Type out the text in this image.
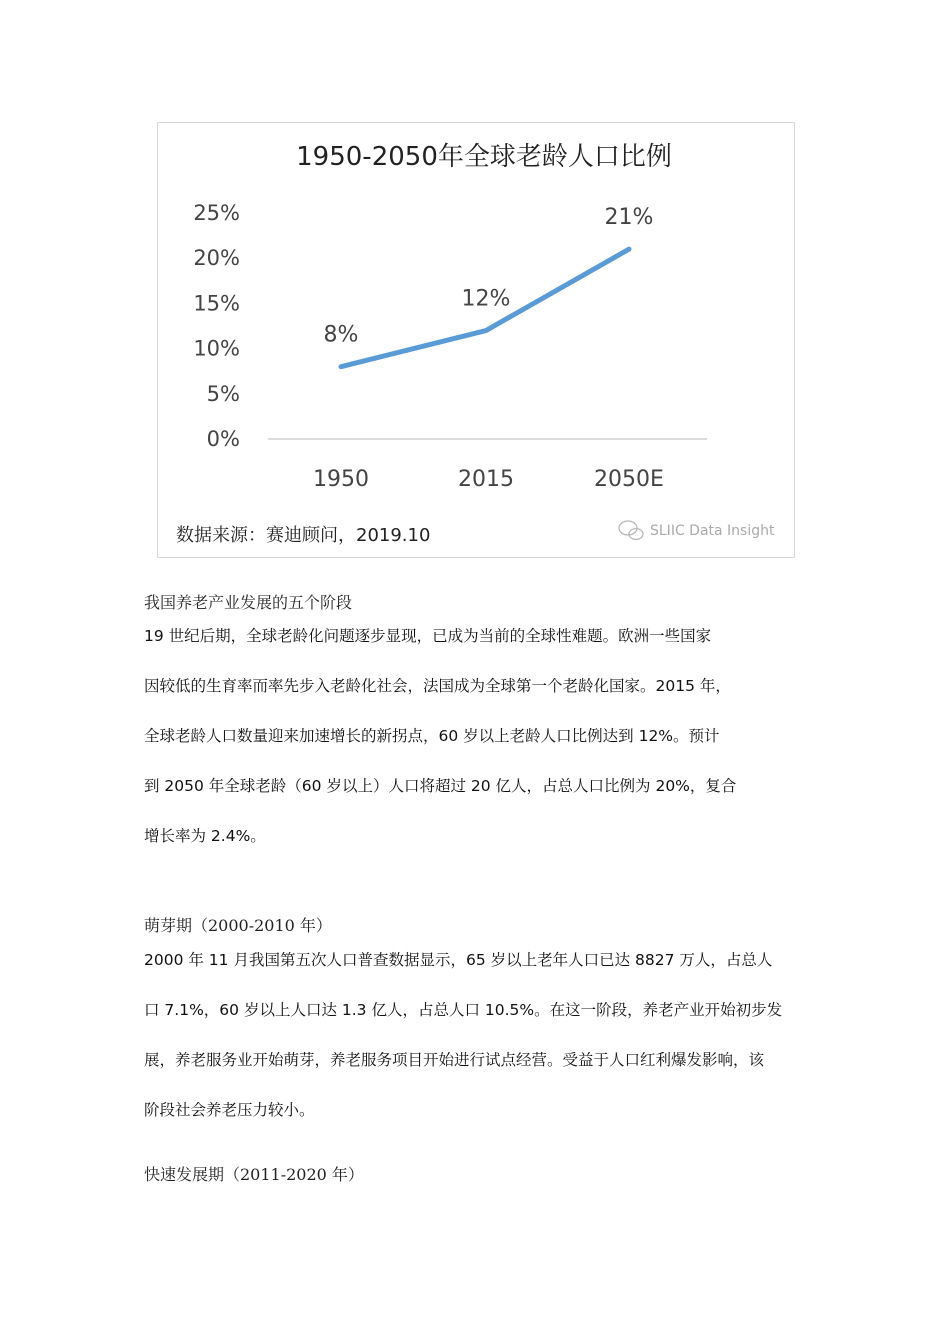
1950-2050年全球老龄人口比例
0%
5%
10%
15%
20%
25%
1950	2015	2050E
8%
12%
21%
数据来源：赛迪顾问，2019.10	SLIIC Data Insight
我国养老产业发展的五个阶段

19 世纪后期，全球老龄化问题逐步显现，已成为当前的全球性难题。欧洲一些国家
因较低的生育率而率先步入老龄化社会，法国成为全球第一个老龄化国家。2015 年，
全球老龄人口数量迎来加速增长的新拐点，60 岁以上老龄人口比例达到 12%。预计
到 2050 年全球老龄（60 岁以上）人口将超过 20 亿人，占总人口比例为 20%，复合
增长率为 2.4%。

萌芽期（2000-2010 年）

2000 年 11 月我国第五次人口普查数据显示，65 岁以上老年人口已达 8827 万人，占总人
口 7.1%，60 岁以上人口达 1.3 亿人，占总人口 10.5%。在这一阶段，养老产业开始初步发
展，养老服务业开始萌芽，养老服务项目开始进行试点经营。受益于人口红利爆发影响，该
阶段社会养老压力较小。

快速发展期（2011-2020 年）
